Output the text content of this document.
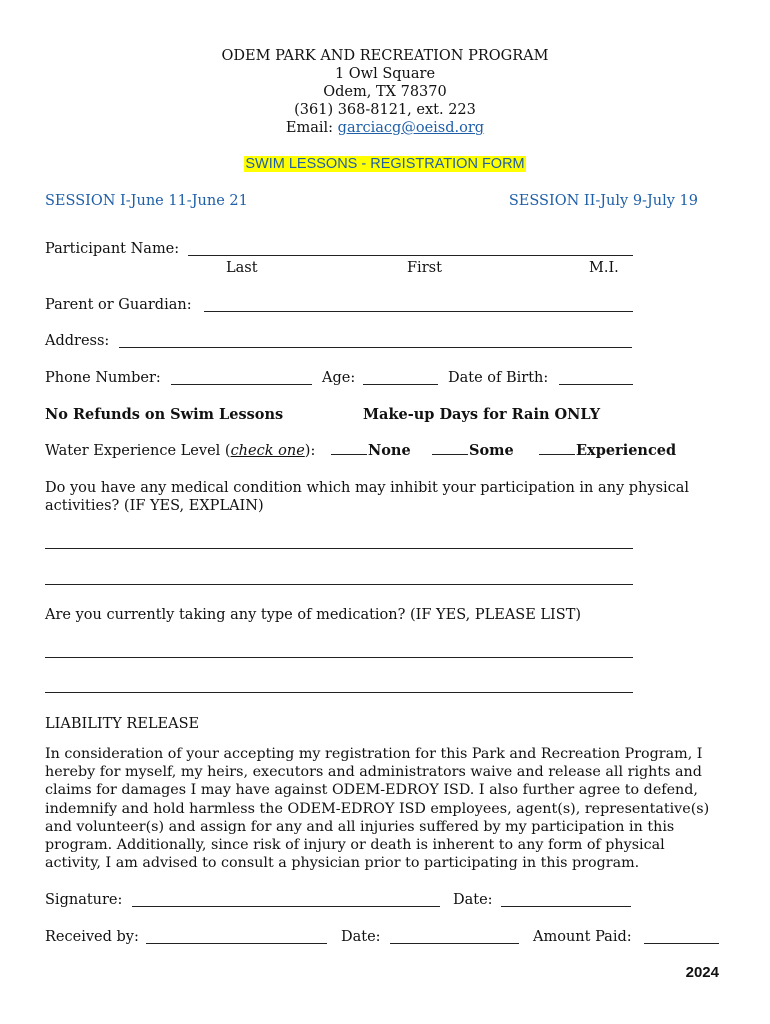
ODEM PARK AND RECREATION PROGRAM
1 Owl Square
Odem, TX 78370
(361) 368-8121, ext. 223
Email: garciacg@oeisd.org
SWIM LESSONS - REGISTRATION FORM
SESSION I-June 11-June 21	SESSION II-July 9-July 19
Participant Name:
Last	First	M.I.
Parent or Guardian:
Address:
Phone Number:	Age:	Date of Birth:
No Refunds on Swim Lessons	Make-up Days for Rain ONLY
Water Experience Level (check one):	None	Some	Experienced
Do you have any medical condition which may inhibit your participation in any physical activities? (IF YES, EXPLAIN)
Are you currently taking any type of medication? (IF YES, PLEASE LIST)
LIABILITY RELEASE
In consideration of your accepting my registration for this Park and Recreation Program, I hereby for myself, my heirs, executors and administrators waive and release all rights and claims for damages I may have against ODEM-EDROY ISD. I also further agree to defend, indemnify and hold harmless the ODEM-EDROY ISD employees, agent(s), representative(s) and volunteer(s) and assign for any and all injuries suffered by my participation in this program. Additionally, since risk of injury or death is inherent to any form of physical activity, I am advised to consult a physician prior to participating in this program.
Signature:	Date:
Received by:	Date:	Amount Paid:
2024
